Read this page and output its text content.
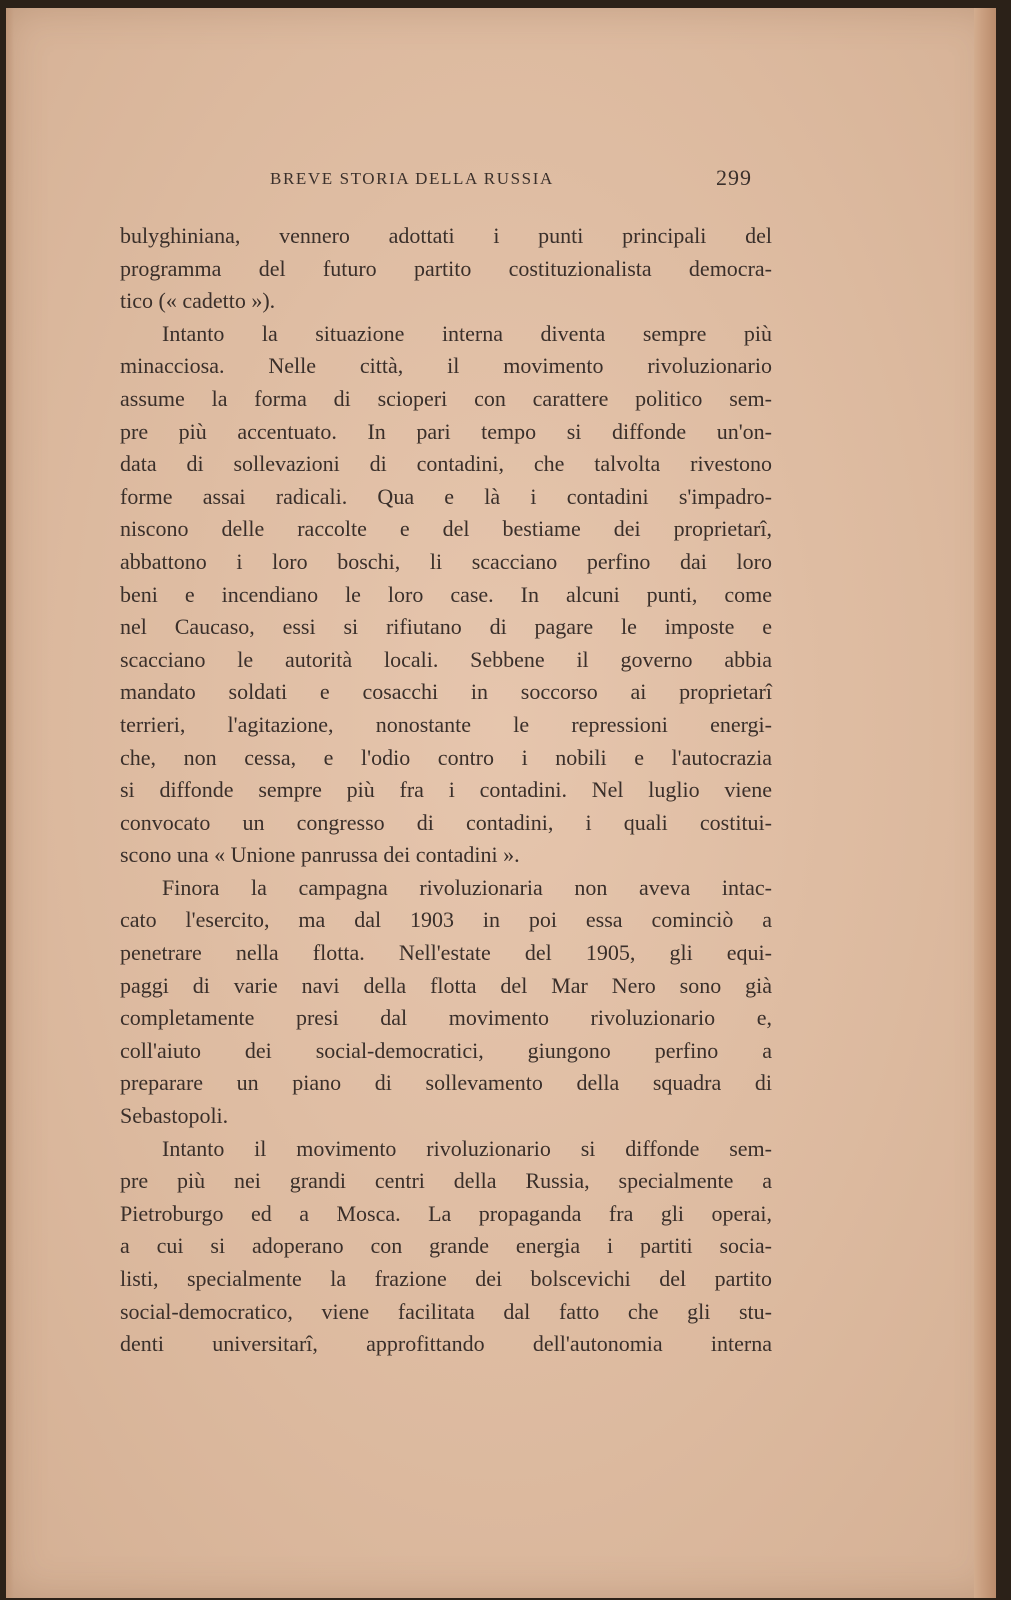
BREVE STORIA DELLA RUSSIA	299
bulyghiniana, vennero adottati i punti principali del
programma del futuro partito costituzionalista democra-
tico (« cadetto »).
Intanto la situazione interna diventa sempre più
minacciosa. Nelle città, il movimento rivoluzionario
assume la forma di scioperi con carattere politico sem-
pre più accentuato. In pari tempo si diffonde un'on-
data di sollevazioni di contadini, che talvolta rivestono
forme assai radicali. Qua e là i contadini s'impadro-
niscono delle raccolte e del bestiame dei proprietarî,
abbattono i loro boschi, li scacciano perfino dai loro
beni e incendiano le loro case. In alcuni punti, come
nel Caucaso, essi si rifiutano di pagare le imposte e
scacciano le autorità locali. Sebbene il governo abbia
mandato soldati e cosacchi in soccorso ai proprietarî
terrieri, l'agitazione, nonostante le repressioni energi-
che, non cessa, e l'odio contro i nobili e l'autocrazia
si diffonde sempre più fra i contadini. Nel luglio viene
convocato un congresso di contadini, i quali costitui-
scono una « Unione panrussa dei contadini ».
Finora la campagna rivoluzionaria non aveva intac-
cato l'esercito, ma dal 1903 in poi essa cominciò a
penetrare nella flotta. Nell'estate del 1905, gli equi-
paggi di varie navi della flotta del Mar Nero sono già
completamente presi dal movimento rivoluzionario e,
coll'aiuto dei social-democratici, giungono perfino a
preparare un piano di sollevamento della squadra di
Sebastopoli.
Intanto il movimento rivoluzionario si diffonde sem-
pre più nei grandi centri della Russia, specialmente a
Pietroburgo ed a Mosca. La propaganda fra gli operai,
a cui si adoperano con grande energia i partiti socia-
listi, specialmente la frazione dei bolscevichi del partito
social-democratico, viene facilitata dal fatto che gli stu-
denti universitarî, approfittando dell'autonomia interna
